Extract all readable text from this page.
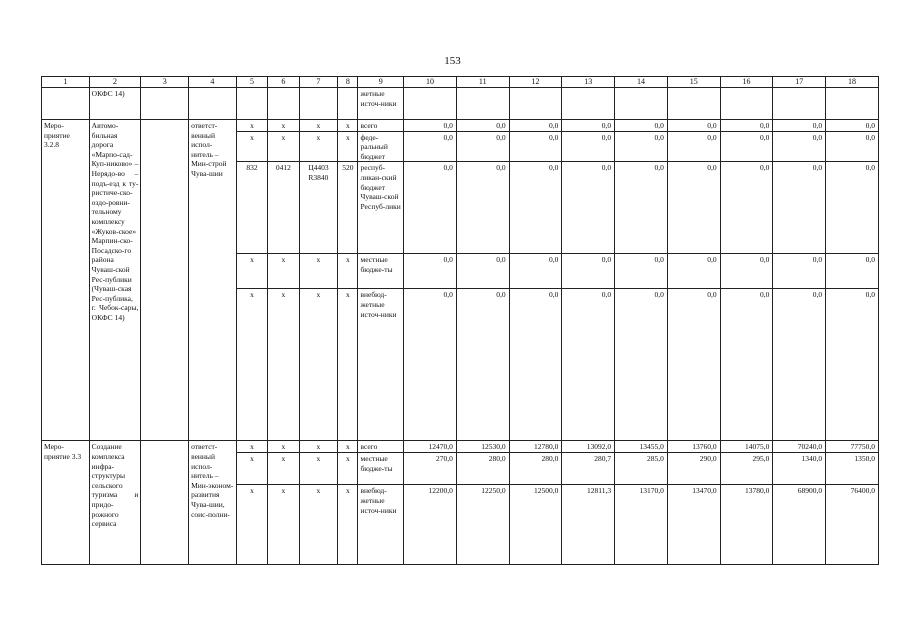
153
1	2	3	4	5	6	7	8	9	10	11	12	13	14	15	16	17	18
	ОКФС 14)							жетные источ-ники									
Меро-приятие 3.2.8	Автомо-бильная дорога «Марпо-сад-Куп-никово» – Нерядо-во – подъ-езд к ту-ристиче-ско-оздо-ровни-тельному комплексу «Жуков-ское» Марпин-ско-Посадско-го района Чуваш-ской Рес-публики (Чуваш-ская Рес-публика, г. Чебок-сары, ОКФС 14)		ответст-венный испол-нитель – Мин-строй Чува-шии	x	x	x	x	всего	0,0	0,0	0,0	0,0	0,0	0,0	0,0	0,0	0,0
				x	x	x	x	феде-ральный бюджет	0,0	0,0	0,0	0,0	0,0	0,0	0,0	0,0	0,0
				832	0412	Ц4403 R3840	520	респуб-ликан-ский бюджет Чуваш-ской Респуб-лики	0,0	0,0	0,0	0,0	0,0	0,0	0,0	0,0	0,0
				x	x	x	x	местные бюдже-ты	0,0	0,0	0,0	0,0	0,0	0,0	0,0	0,0	0,0
				x	x	x	x	внебюд-жетные источ-ники	0,0	0,0	0,0	0,0	0,0	0,0	0,0	0,0	0,0
Меро-приятие 3.3	Создание комплекса инфра-структуры сельского туризма и придо-рожного сервиса		ответст-венный испол-нитель – Мин-эконом-развития Чува-шии, соис-полни-	x	x	x	x	всего	12470,0	12530,0	12780,0	13092,0	13455,0	13760,0	14075,0	70240,0	77750,0
				x	x	x	x	местные бюдже-ты	270,0	280,0	280,0	280,7	285,0	290,0	295,0	1340,0	1350,0
				x	x	x	x	внебюд-жетные источ-ники	12200,0	12250,0	12500,0	12811,3	13170,0	13470,0	13780,0	68900,0	76400,0
